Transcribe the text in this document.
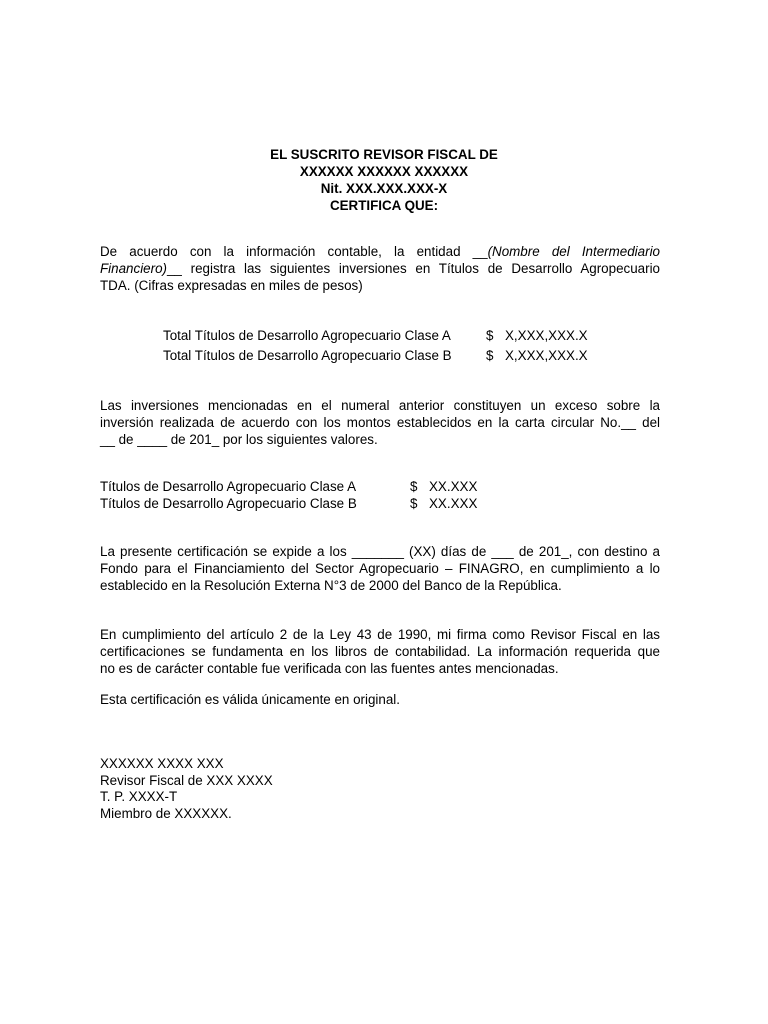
EL SUSCRITO REVISOR FISCAL DE
XXXXXX XXXXXX XXXXXX
Nit. XXX.XXX.XXX-X
CERTIFICA QUE:
De acuerdo con la información contable, la entidad __(Nombre del Intermediario
Financiero)__ registra las siguientes inversiones en Títulos de Desarrollo Agropecuario
TDA. (Cifras expresadas en miles de pesos)
Total Títulos de Desarrollo Agropecuario Clase A	$ X,XXX,XXX.X
Total Títulos de Desarrollo Agropecuario Clase B	$ X,XXX,XXX.X
Las inversiones mencionadas en el numeral anterior constituyen un exceso sobre la
inversión realizada de acuerdo con los montos establecidos en la carta circular No.__ del
__ de ____ de 201_ por los siguientes valores.
Títulos de Desarrollo Agropecuario Clase A	$ XX.XXX
Títulos de Desarrollo Agropecuario Clase B	$ XX.XXX
La presente certificación se expide a los _______ (XX) días de ___ de 201_, con destino a
Fondo para el Financiamiento del Sector Agropecuario – FINAGRO, en cumplimiento a lo
establecido en la Resolución Externa N°3 de 2000 del Banco de la República.
En cumplimiento del artículo 2 de la Ley 43 de 1990, mi firma como Revisor Fiscal en las
certificaciones se fundamenta en los libros de contabilidad. La información requerida que
no es de carácter contable fue verificada con las fuentes antes mencionadas.
Esta certificación es válida únicamente en original.
XXXXXX XXXX XXX
Revisor Fiscal de XXX XXXX
T. P. XXXX-T
Miembro de XXXXXX.
